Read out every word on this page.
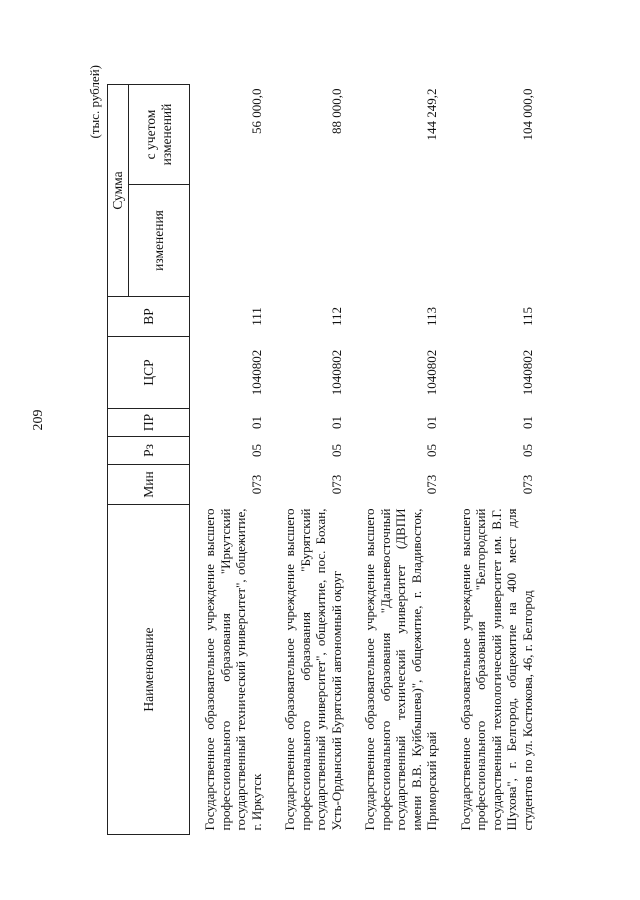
209
(тыс. рублей)
Наименование	Мин	Рз	ПР	ЦСР	ВР	Сумма	
						изменения	с учетом изменений
Государственное образовательное учреждение высшего профессионального образования "Иркутский государственный технический университет", общежитие, г. Иркутск	073	05	01	1040802	111		56 000,0
Государственное образовательное учреждение высшего профессионального образования "Бурятский государственный университет", общежитие, пос. Бохан, Усть-Ордынский Бурятский автономный округ	073	05	01	1040802	112		88 000,0
Государственное образовательное учреждение высшего профессионального образования "Дальневосточный государственный технический университет (ДВПИ имени В.В. Куйбышева)", общежитие, г. Владивосток, Приморский край	073	05	01	1040802	113		144 249,2
Государственное образовательное учреждение высшего профессионального образования "Белгородский государственный технологический университет им. В.Г. Шухова", г. Белгород, общежитие на 400 мест для студентов по ул. Костюкова, 46, г. Белгород	073	05	01	1040802	115		104 000,0
